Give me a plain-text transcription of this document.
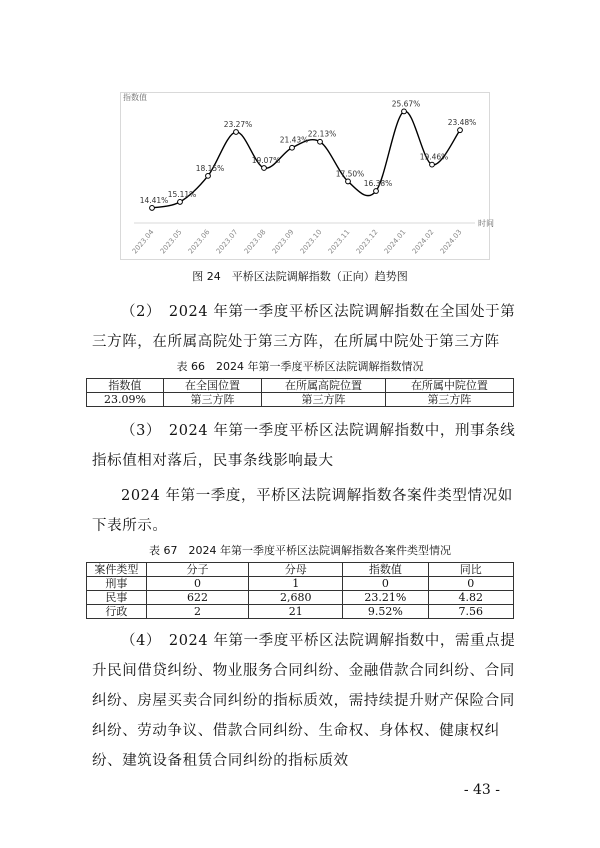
指数值
时间
14.41%
2023.04
15.11%
2023.05
18.15%
2023.06
23.27%
2023.07
19.07%
2023.08
21.43%
2023.09
22.13%
2023.10
17.50%
2023.11
16.38%
2023.12
25.67%
2024.01
19.46%
2024.02
23.48%
2024.03
图 24　平桥区法院调解指数（正向）趋势图

（2）　2024 年第一季度平桥区法院调解指数在全国处于第三方阵，在所属高院处于第三方阵，在所属中院处于第三方阵

表 66　2024 年第一季度平桥区法院调解指数情况
指数值	在全国位置	在所属高院位置	在所属中院位置
23.09%	第三方阵	第三方阵	第三方阵

（3）　2024 年第一季度平桥区法院调解指数中，刑事条线指标值相对落后，民事条线影响最大

2024 年第一季度，平桥区法院调解指数各案件类型情况如下表所示。

表 67　2024 年第一季度平桥区法院调解指数各案件类型情况
案件类型	分子	分母	指数值	同比
刑事	0	1	0	0
民事	622	2,680	23.21%	4.82
行政	2	21	9.52%	7.56

（4）　2024 年第一季度平桥区法院调解指数中，需重点提升民间借贷纠纷、物业服务合同纠纷、金融借款合同纠纷、合同纠纷、房屋买卖合同纠纷的指标质效，需持续提升财产保险合同纠纷、劳动争议、借款合同纠纷、生命权、身体权、健康权纠纷、建筑设备租赁合同纠纷的指标质效

- 43 -
